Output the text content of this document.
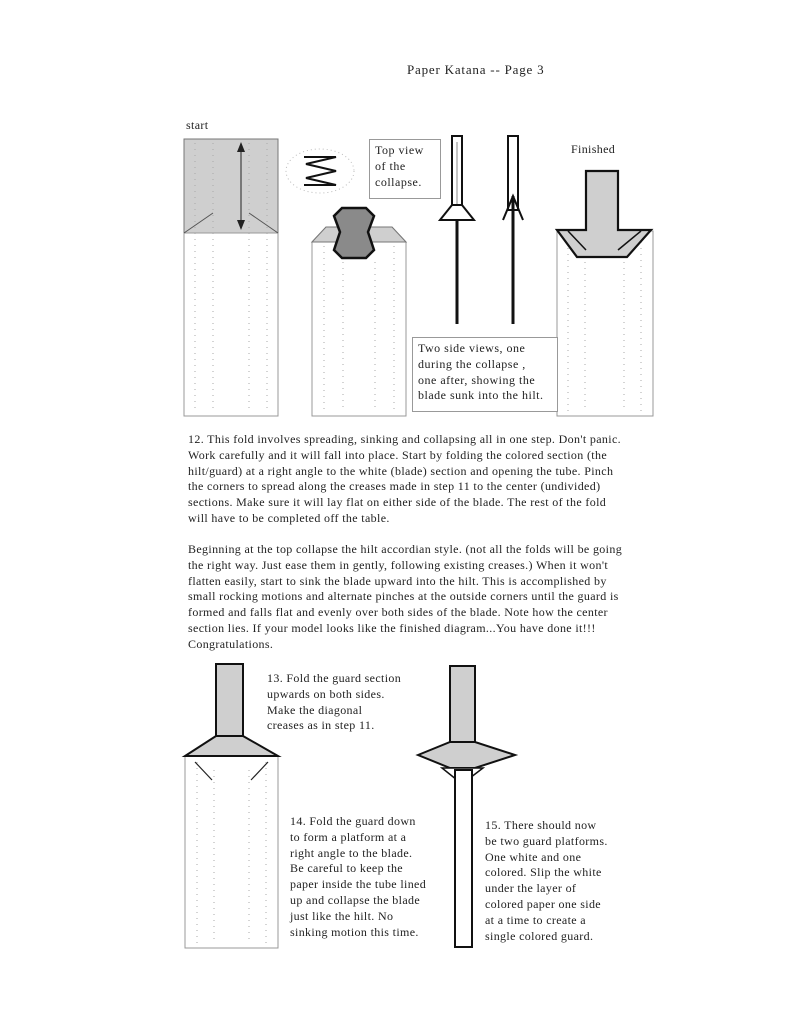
Paper Katana -- Page 3
start
Top view
of the
collapse.
Finished
Two side views, one
during the collapse ,
one after, showing the
blade sunk into the hilt.
12. This fold involves spreading, sinking and collapsing all in one step. Don't panic.
Work carefully and it will fall into place. Start by folding the colored section (the
hilt/guard) at a right angle to the white (blade) section and opening the tube. Pinch
the corners to spread along the creases made in step 11 to the center (undivided)
sections. Make sure it will lay flat on either side of the blade. The rest of the fold
will have to be completed off the table.
Beginning at the top collapse the hilt accordian style. (not all the folds will be going
the right way. Just ease them in gently, following existing creases.) When it won't
flatten easily, start to sink the blade upward into the hilt. This is accomplished by
small rocking motions and alternate pinches at the outside corners until the guard is
formed and falls flat and evenly over both sides of the blade. Note how the center
section lies. If your model looks like the finished diagram...You have done it!!!
Congratulations.
13. Fold the guard section
upwards on both sides.
Make the diagonal
creases as in step 11.
14. Fold the guard down
to form a platform at a
right angle to the blade.
Be careful to keep the
paper inside the tube lined
up and collapse the blade
just like the hilt. No
sinking motion this time.
15. There should now
be two guard platforms.
One white and one
colored. Slip the white
under the layer of
colored paper one side
at a time to create a
single colored guard.
